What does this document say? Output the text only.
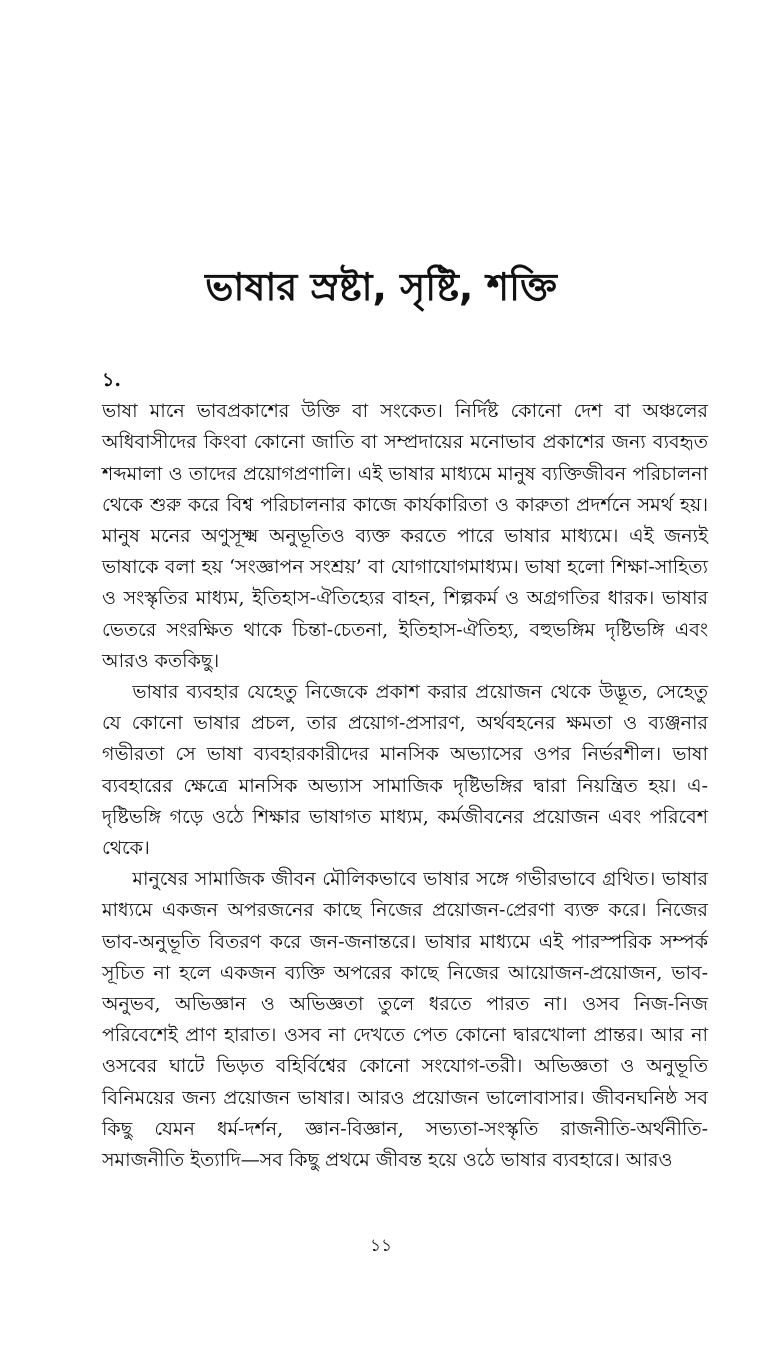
ভাষার স্রষ্টা, সৃষ্টি, শক্তি

১.

ভাষা মানে ভাবপ্রকাশের উক্তি বা সংকেত। নির্দিষ্ট কোনো দেশ বা অঞ্চলের অধিবাসীদের কিংবা কোনো জাতি বা সম্প্রদায়ের মনোভাব প্রকাশের জন্য ব্যবহৃত শব্দমালা ও তাদের প্রয়োগপ্রণালি। এই ভাষার মাধ্যমে মানুষ ব্যক্তিজীবন পরিচালনা থেকে শুরু করে বিশ্ব পরিচালনার কাজে কার্যকারিতা ও কারুতা প্রদর্শনে সমর্থ হয়। মানুষ মনের অণুসূক্ষ্ম অনুভূতিও ব্যক্ত করতে পারে ভাষার মাধ্যমে। এই জন্যই ভাষাকে বলা হয় ‘সংজ্ঞাপন সংশ্রয়’ বা যোগাযোগমাধ্যম। ভাষা হলো শিক্ষা-সাহিত্য ও সংস্কৃতির মাধ্যম, ইতিহাস-ঐতিহ্যের বাহন, শিল্পকর্ম ও অগ্রগতির ধারক। ভাষার ভেতরে সংরক্ষিত থাকে চিন্তা-চেতনা, ইতিহাস-ঐতিহ্য, বহুভঙ্গিম দৃষ্টিভঙ্গি এবং আরও কতকিছু।

ভাষার ব্যবহার যেহেতু নিজেকে প্রকাশ করার প্রয়োজন থেকে উদ্ভূত, সেহেতু যে কোনো ভাষার প্রচল, তার প্রয়োগ-প্রসারণ, অর্থবহনের ক্ষমতা ও ব্যঞ্জনার গভীরতা সে ভাষা ব্যবহারকারীদের মানসিক অভ্যাসের ওপর নির্ভরশীল। ভাষা ব্যবহারের ক্ষেত্রে মানসিক অভ্যাস সামাজিক দৃষ্টিভঙ্গির দ্বারা নিয়ন্ত্রিত হয়। এ-দৃষ্টিভঙ্গি গড়ে ওঠে শিক্ষার ভাষাগত মাধ্যম, কর্মজীবনের প্রয়োজন এবং পরিবেশ থেকে।

মানুষের সামাজিক জীবন মৌলিকভাবে ভাষার সঙ্গে গভীরভাবে গ্রথিত। ভাষার মাধ্যমে একজন অপরজনের কাছে নিজের প্রয়োজন-প্রেরণা ব্যক্ত করে। নিজের ভাব-অনুভূতি বিতরণ করে জন-জনান্তরে। ভাষার মাধ্যমে এই পারস্পরিক সম্পর্ক সূচিত না হলে একজন ব্যক্তি অপরের কাছে নিজের আয়োজন-প্রয়োজন, ভাব-অনুভব, অভিজ্ঞান ও অভিজ্ঞতা তুলে ধরতে পারত না। ওসব নিজ-নিজ পরিবেশেই প্রাণ হারাত। ওসব না দেখতে পেত কোনো দ্বারখোলা প্রান্তর। আর না ওসবের ঘাটে ভিড়ত বহির্বিশ্বের কোনো সংযোগ-তরী। অভিজ্ঞতা ও অনুভূতি বিনিময়ের জন্য প্রয়োজন ভাষার। আরও প্রয়োজন ভালোবাসার। জীবনঘনিষ্ঠ সব কিছু যেমন ধর্ম-দর্শন, জ্ঞান-বিজ্ঞান, সভ্যতা-সংস্কৃতি রাজনীতি-অর্থনীতি-সমাজনীতি ইত্যাদি—সব কিছু প্রথমে জীবন্ত হয়ে ওঠে ভাষার ব্যবহারে। আরও

১১
